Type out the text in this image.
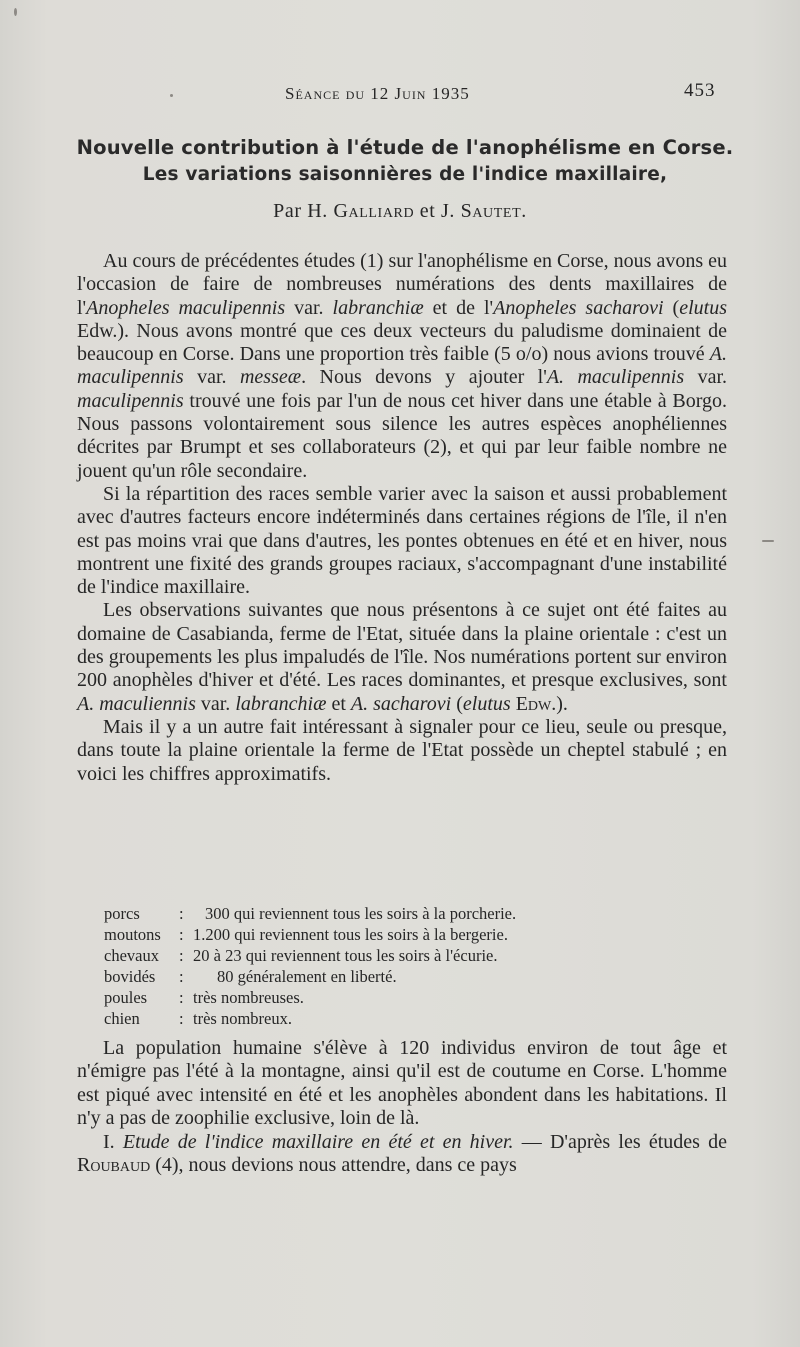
Séance du 12 Juin 1935	453
Nouvelle contribution à l'étude de l'anophélisme en Corse.
Les variations saisonnières de l'indice maxillaire,
Par H. Galliard et J. Sautet.

Au cours de précédentes études (1) sur l'anophélisme en Corse, nous avons eu l'occasion de faire de nombreuses numérations des dents maxillaires de l'Anopheles maculipennis var. labranchiæ et de l'Anopheles sacharovi (elutus Edw.). Nous avons montré que ces deux vecteurs du paludisme dominaient de beaucoup en Corse. Dans une proportion très faible (5 o/o) nous avions trouvé A. maculipennis var. messeæ. Nous devons y ajouter l'A. maculipennis var. maculipennis trouvé une fois par l'un de nous cet hiver dans une étable à Borgo. Nous passons volontairement sous silence les autres espèces anophéliennes décrites par Brumpt et ses collaborateurs (2), et qui par leur faible nombre ne jouent qu'un rôle secondaire.

Si la répartition des races semble varier avec la saison et aussi probablement avec d'autres facteurs encore indéterminés dans certaines régions de l'île, il n'en est pas moins vrai que dans d'autres, les pontes obtenues en été et en hiver, nous montrent une fixité des grands groupes raciaux, s'accompagnant d'une instabilité de l'indice maxillaire.

Les observations suivantes que nous présentons à ce sujet ont été faites au domaine de Casabianda, ferme de l'Etat, située dans la plaine orientale : c'est un des groupements les plus impaludés de l'île. Nos numérations portent sur environ 200 anophèles d'hiver et d'été. Les races dominantes, et presque exclusives, sont A. maculiennis var. labranchiæ et A. sacharovi (elutus Edw.).

Mais il y a un autre fait intéressant à signaler pour ce lieu, seule ou presque, dans toute la plaine orientale la ferme de l'Etat possède un cheptel stabulé ; en voici les chiffres approximatifs.

porcs	:	300 qui reviennent tous les soirs à la porcherie.
moutons	: 1.200 qui reviennent tous les soirs à la bergerie.
chevaux	: 20 à 23 qui reviennent tous les soirs à l'écurie.
bovidés	:	80 généralement en liberté.
poules	: très nombreuses.
chien	: très nombreux.

La population humaine s'élève à 120 individus environ de tout âge et n'émigre pas l'été à la montagne, ainsi qu'il est de coutume en Corse. L'homme est piqué avec intensité en été et les anophèles abondent dans les habitations. Il n'y a pas de zoophilie exclusive, loin de là.

I. Etude de l'indice maxillaire en été et en hiver. — D'après les études de Roubaud (4), nous devions nous attendre, dans ce pays
